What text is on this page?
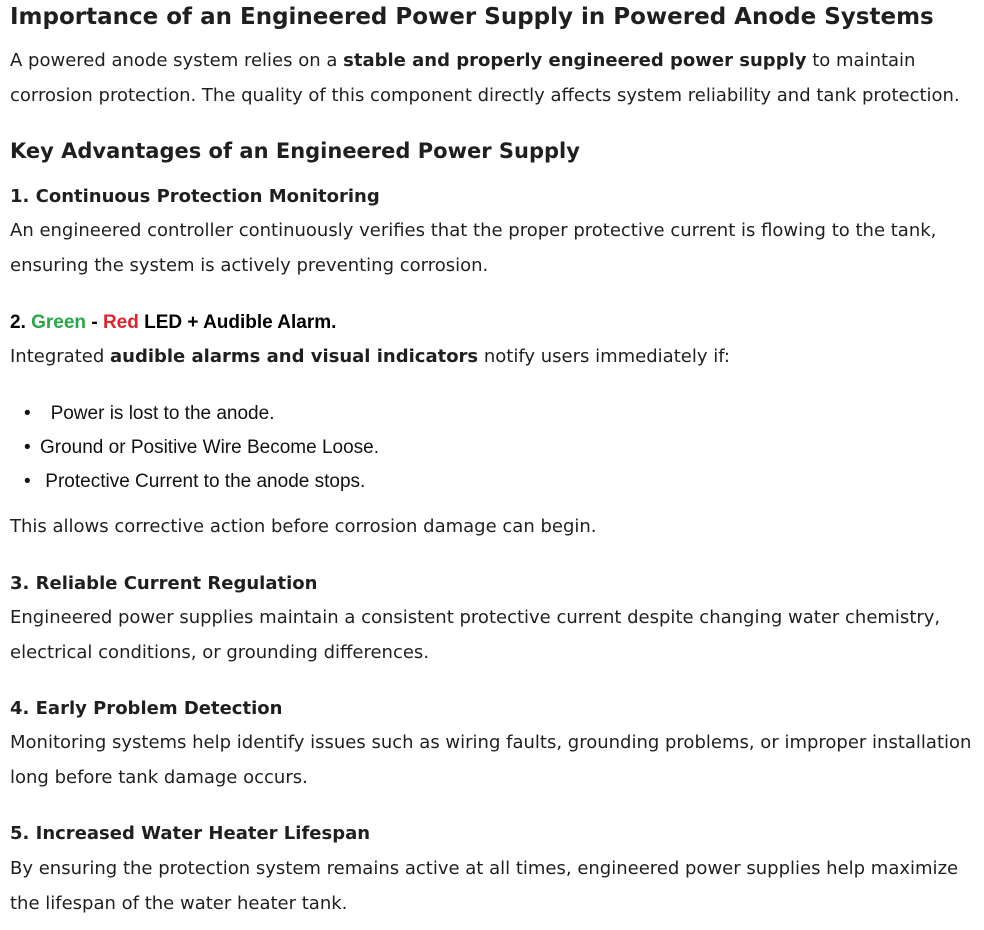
Importance of an Engineered Power Supply in Powered Anode Systems

A powered anode system relies on a stable and properly engineered power supply to maintain corrosion protection. The quality of this component directly affects system reliability and tank protection.

Key Advantages of an Engineered Power Supply

1. Continuous Protection Monitoring

An engineered controller continuously verifies that the proper protective current is flowing to the tank, ensuring the system is actively preventing corrosion.

2. Green - Red LED + Audible Alarm.

Integrated audible alarms and visual indicators notify users immediately if:

• Power is lost to the anode.
• Ground or Positive Wire Become Loose.
• Protective Current to the anode stops.

This allows corrective action before corrosion damage can begin.

3. Reliable Current Regulation

Engineered power supplies maintain a consistent protective current despite changing water chemistry, electrical conditions, or grounding differences.

4. Early Problem Detection

Monitoring systems help identify issues such as wiring faults, grounding problems, or improper installation long before tank damage occurs.

5. Increased Water Heater Lifespan

By ensuring the protection system remains active at all times, engineered power supplies help maximize the lifespan of the water heater tank.
